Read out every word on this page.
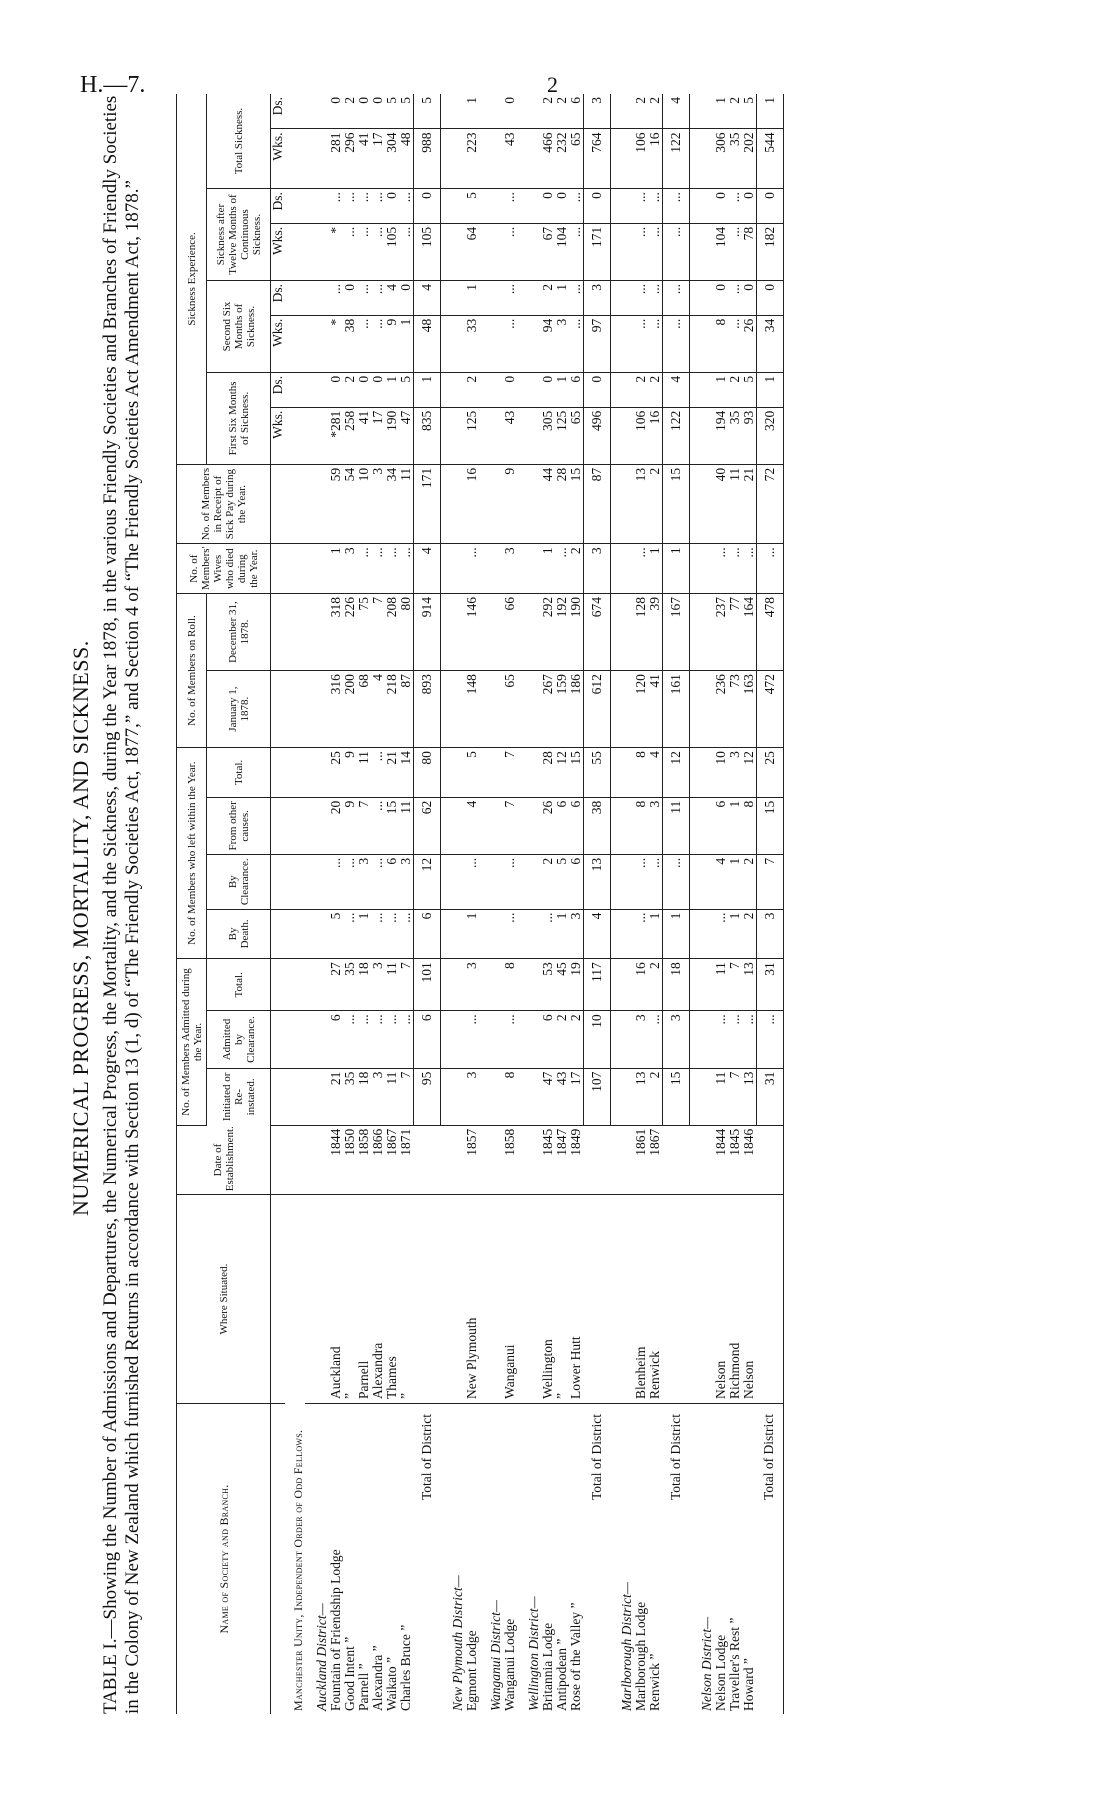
H.—7.	2
NUMERICAL PROGRESS, MORTALITY, AND SICKNESS. TABLE I.—Showing the Number of Admissions and Departures, the Numerical Progress, the Mortality, and the Sickness, during the Year 1878, in the various Friendly Societies and Branches of Friendly Societies in the Colony of New Zealand which furnished Returns in accordance with Section 13 (1, d) of “The Friendly Societies Act, 1877,” and Section 4 of “The Friendly Societies Act Amendment Act, 1878.”	Name of Society and Branch.	Where Situated.	Date of Establishment.	No. of Members Admitted during the Year.			No. of Members who left within the Year.				No. of Members on Roll.		No. of Members' Wives who died during the Year.	No. of Members in Receipt of Sick Pay during the Year.	Sickness Experience.							
			Initiated or Re-instated.	Admitted by Clearance.	Total.	By Death.	By Clearance.	From other causes.	Total.	January 1, 1878.	December 31, 1878.			First Six Months of Sickness.		Second Six Months of Sickness.		Sickness after Twelve Months of Continuous Sickness.		Total Sickness.	
														Wks.	Ds.	Wks.	Ds.	Wks.	Ds.	Wks.	Ds.
Manchester Unity, Independent Order of Odd Fellows.																					
Auckland District—																					
Fountain of Friendship Lodge	Auckland	1844	21	6	27	5	...	20	25	316	318	1	59	*281	0	*	...	*	...	281	0
Good Intent ”	”	1850	35	...	35	...	...	9	9	200	226	3	54	258	2	38	0	...	...	296	2
Parnell ”	Parnell	1858	18	...	18	1	3	7	11	68	75	...	10	41	0	...	...	...	...	41	0
Alexandra ”	Alexandra	1866	3	...	3	...	...	...	...	4	7	...	3	17	0	...	...	...	...	17	0
Waikato ”	Thames	1867	11	...	11	...	6	15	21	218	208	...	34	190	1	9	4	105	0	304	5
Charles Bruce ”	”	1871	7	...	7	...	3	11	14	87	80	...	11	47	5	1	0	...	...	48	5
Total of District			95	6	101	6	12	62	80	893	914	4	171	835	1	48	4	105	0	988	5
New Plymouth District—																					
Egmont Lodge	New Plymouth	1857	3	...	3	1	...	4	5	148	146	...	16	125	2	33	1	64	5	223	1
Wanganui District—																					
Wanganui Lodge	Wanganui	1858	8	...	8	...	...	7	7	65	66	3	9	43	0	...	...	...	...	43	0
Wellington District—																					
Britannia Lodge	Wellington	1845	47	6	53	...	2	26	28	267	292	1	44	305	0	94	2	67	0	466	2
Antipodean ”	”	1847	43	2	45	1	5	6	12	159	192	...	28	125	1	3	1	104	0	232	2
Rose of the Valley ”	Lower Hutt	1849	17	2	19	3	6	6	15	186	190	2	15	65	6	...	...	...	...	65	6
Total of District			107	10	117	4	13	38	55	612	674	3	87	496	0	97	3	171	0	764	3
Marlborough District—																					
Marlborough Lodge	Blenheim	1861	13	3	16	...	...	8	8	120	128	...	13	106	2	...	...	...	...	106	2
Renwick ”	Renwick	1867	2	...	2	1	...	3	4	41	39	1	2	16	2	...	...	...	...	16	2
Total of District			15	3	18	1	...	11	12	161	167	1	15	122	4	...	...	...	...	122	4
Nelson District—																					
Nelson Lodge	Nelson	1844	11	...	11	...	4	6	10	236	237	...	40	194	1	8	0	104	0	306	1
Traveller's Rest ”	Richmond	1845	7	...	7	1	1	1	3	73	77	...	11	35	2	...	...	...	...	35	2
Howard ”	Nelson	1846	13	...	13	2	2	8	12	163	164	...	21	93	5	26	0	78	0	202	5
Total of District			31	...	31	3	7	15	25	472	478	...	72	320	1	34	0	182	0	544	1
